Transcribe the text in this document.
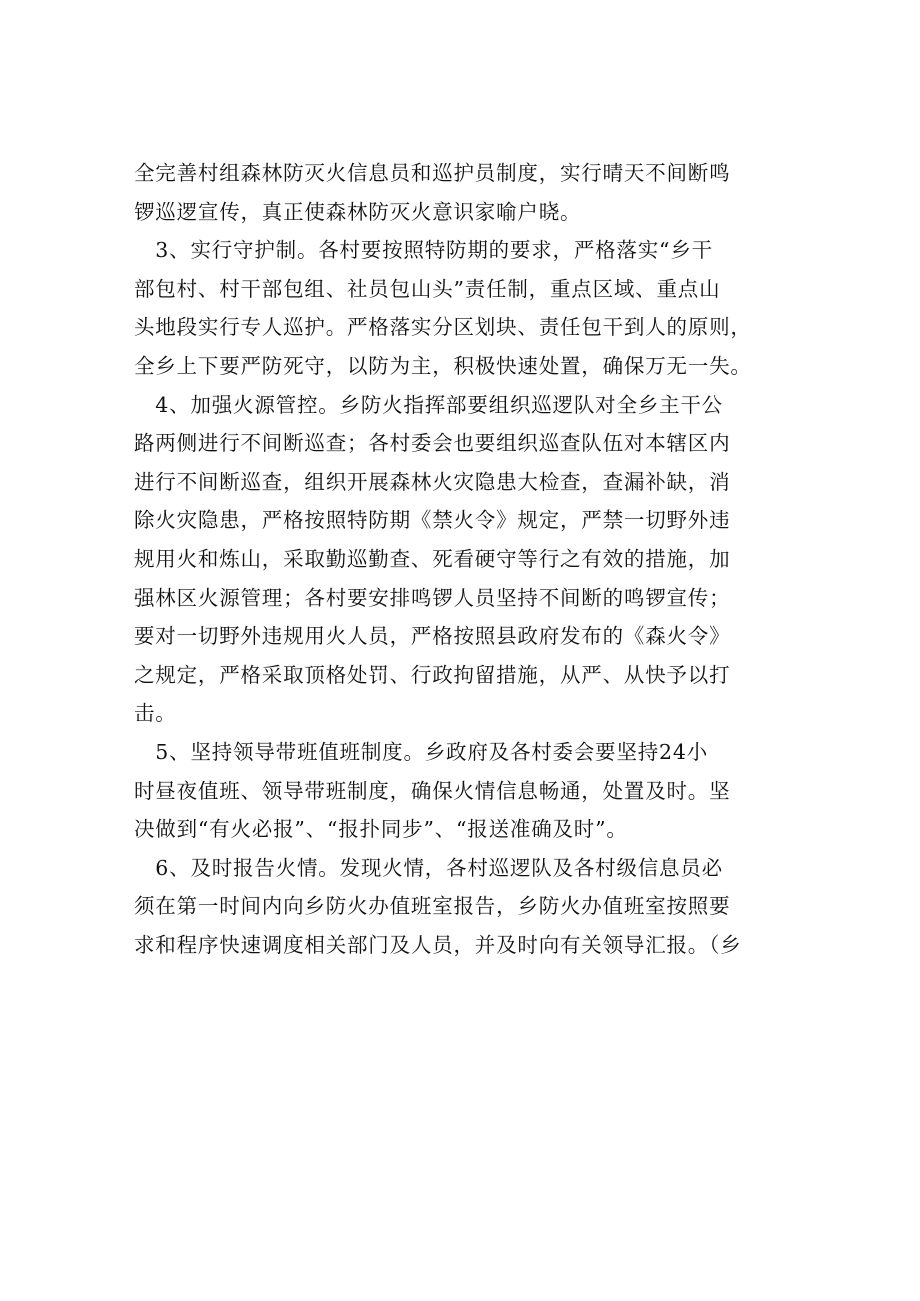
全完善村组森林防灭火信息员和巡护员制度，实行晴天不间断鸣
锣巡逻宣传，真正使森林防灭火意识家喻户晓。
　3、实行守护制。各村要按照特防期的要求，严格落实“乡干
部包村、村干部包组、社员包山头”责任制，重点区域、重点山
头地段实行专人巡护。严格落实分区划块、责任包干到人的原则，
全乡上下要严防死守，以防为主，积极快速处置，确保万无一失。
　4、加强火源管控。乡防火指挥部要组织巡逻队对全乡主干公
路两侧进行不间断巡查；各村委会也要组织巡查队伍对本辖区内
进行不间断巡查，组织开展森林火灾隐患大检查，查漏补缺，消
除火灾隐患，严格按照特防期《禁火令》规定，严禁一切野外违
规用火和炼山，采取勤巡勤查、死看硬守等行之有效的措施，加
强林区火源管理；各村要安排鸣锣人员坚持不间断的鸣锣宣传；
要对一切野外违规用火人员，严格按照县政府发布的《森火令》
之规定，严格采取顶格处罚、行政拘留措施，从严、从快予以打
击。
　5、坚持领导带班值班制度。乡政府及各村委会要坚持24小
时昼夜值班、领导带班制度，确保火情信息畅通，处置及时。坚
决做到“有火必报”、“报扑同步”、“报送准确及时”。
　6、及时报告火情。发现火情，各村巡逻队及各村级信息员必
须在第一时间内向乡防火办值班室报告，乡防火办值班室按照要
求和程序快速调度相关部门及人员，并及时向有关领导汇报。（乡
